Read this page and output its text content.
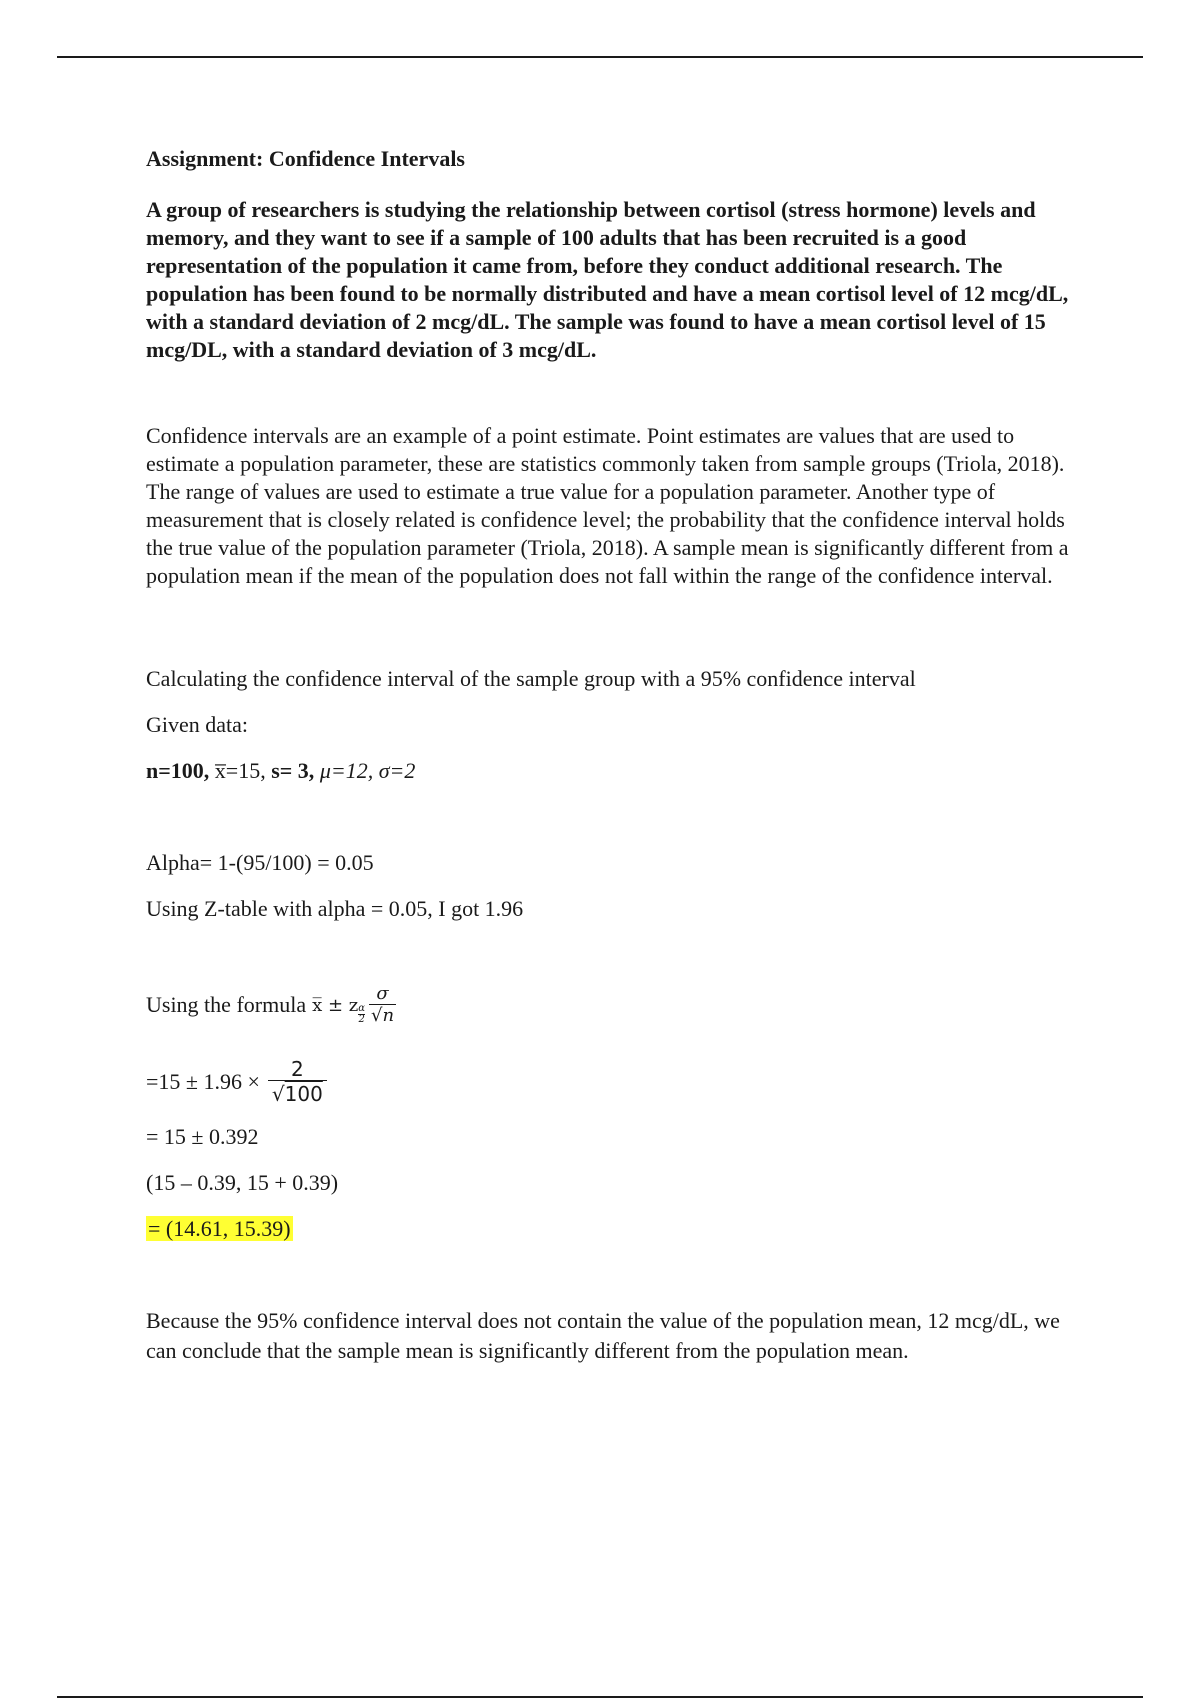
Assignment: Confidence Intervals

A group of researchers is studying the relationship between cortisol (stress hormone) levels and memory, and they want to see if a sample of 100 adults that has been recruited is a good representation of the population it came from, before they conduct additional research. The population has been found to be normally distributed and have a mean cortisol level of 12 mcg/dL, with a standard deviation of 2 mcg/dL. The sample was found to have a mean cortisol level of 15 mcg/DL, with a standard deviation of 3 mcg/dL.

Confidence intervals are an example of a point estimate. Point estimates are values that are used to estimate a population parameter, these are statistics commonly taken from sample groups (Triola, 2018). The range of values are used to estimate a true value for a population parameter. Another type of measurement that is closely related is confidence level; the probability that the confidence interval holds the true value of the population parameter (Triola, 2018). A sample mean is significantly different from a population mean if the mean of the population does not fall within the range of the confidence interval.

Calculating the confidence interval of the sample group with a 95% confidence interval

Given data:

n=100, x̅=15, s= 3, μ=12, σ=2

Alpha= 1-(95/100) = 0.05

Using Z-table with alpha = 0.05, I got 1.96

Using the formula x̅ ± z $\frac{\alpha}{2} \frac{\sigma}{√n}$
$=15 \pm 1.96 \times \frac{2}{√100}$

= 15 ± 0.392

(15 – 0.39, 15 + 0.39)

= (14.61, 15.39)

Because the 95% confidence interval does not contain the value of the population mean, 12 mcg/dL, we can conclude that the sample mean is significantly different from the population mean.
